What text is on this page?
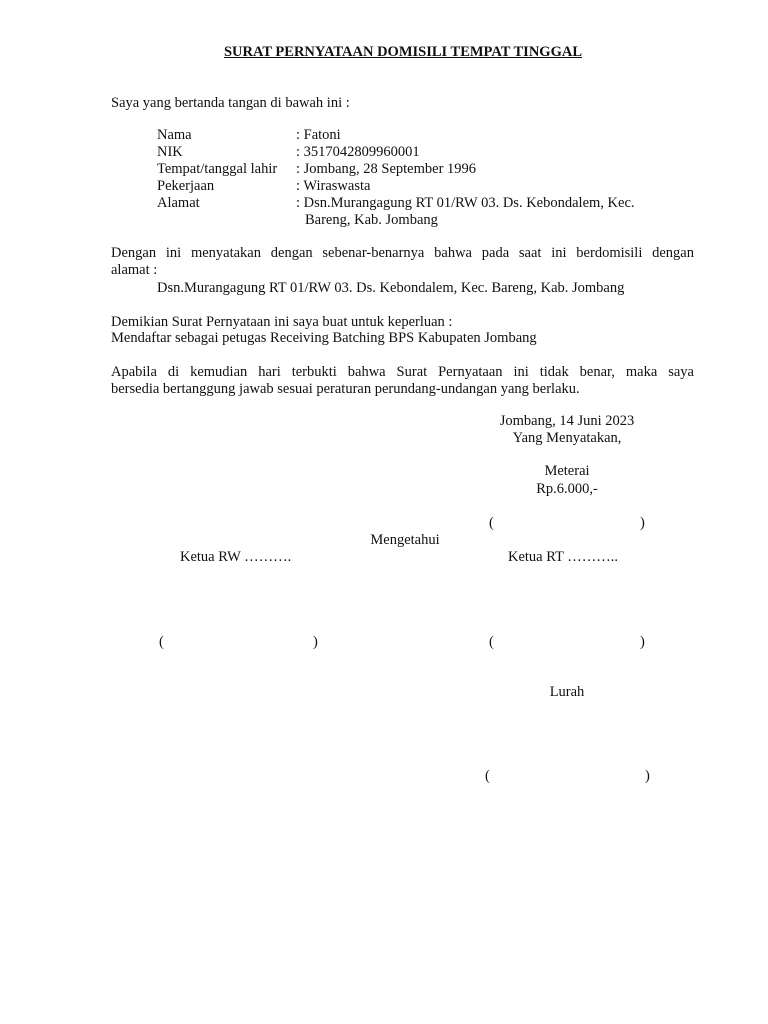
SURAT PERNYATAAN DOMISILI TEMPAT TINGGAL
Saya yang bertanda tangan di bawah ini :
Nama	: Fatoni
NIK	: 3517042809960001
Tempat/tanggal lahir : Jombang, 28 September 1996
Pekerjaan	: Wiraswasta
Alamat	: Dsn.Murangagung RT 01/RW 03. Ds. Kebondalem, Kec.
Bareng, Kab. Jombang
Dengan ini menyatakan dengan sebenar-benarnya bahwa pada saat ini berdomisili dengan
alamat :
Dsn.Murangagung RT 01/RW 03. Ds. Kebondalem, Kec. Bareng, Kab. Jombang
Demikian Surat Pernyataan ini saya buat untuk keperluan :
Mendaftar sebagai petugas Receiving Batching BPS Kabupaten Jombang
Apabila di kemudian hari terbukti bahwa Surat Pernyataan ini tidak benar, maka saya
bersedia bertanggung jawab sesuai peraturan perundang-undangan yang berlaku.
Jombang, 14 Juni 2023
Yang Menyatakan,
Meterai
Rp.6.000,-
(	)
Mengetahui
Ketua RW ……….	Ketua RT ………..
(	)	(	)
Lurah
(	)
